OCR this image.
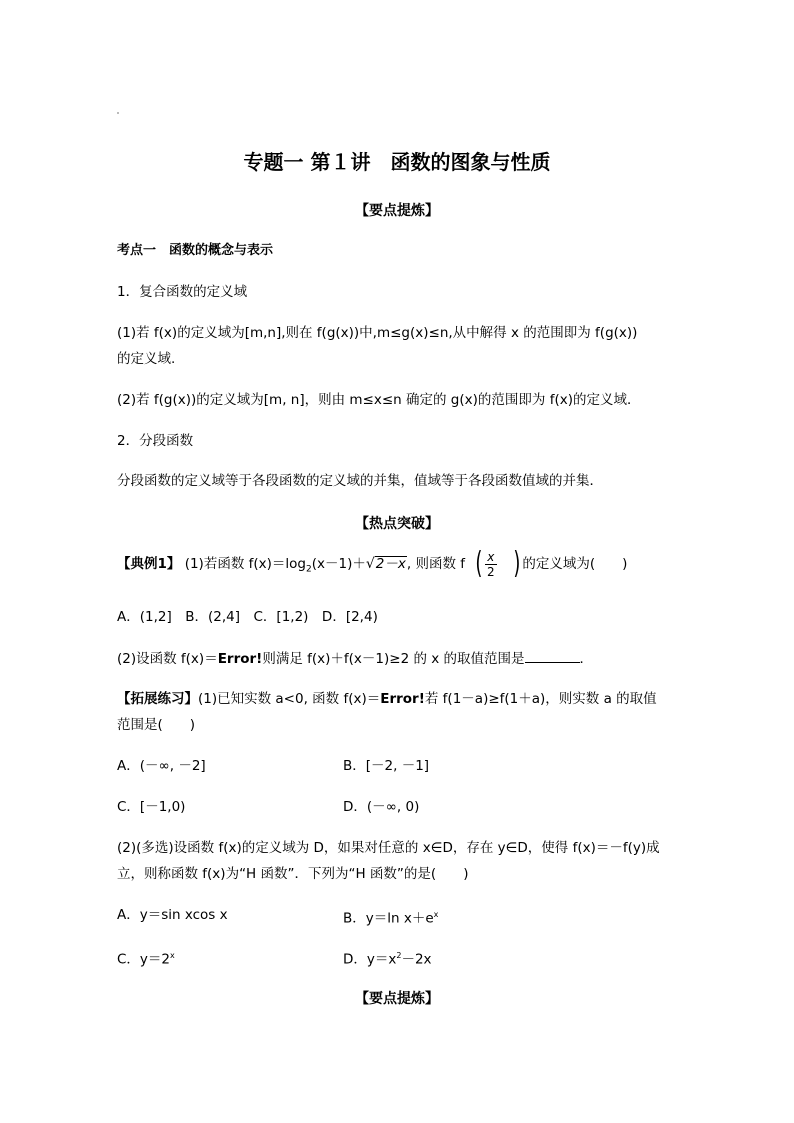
专题一 第１讲　函数的图象与性质
【要点提炼】
考点一　函数的概念与表示
1．复合函数的定义域
(1)若 f(x)的定义域为[m,n],则在 f(g(x))中,m≤g(x)≤n,从中解得 x 的范围即为 f(g(x))
的定义域.
(2)若 f(g(x))的定义域为[m, n]，则由 m≤x≤n 确定的 g(x)的范围即为 f(x)的定义域．
2．分段函数
分段函数的定义域等于各段函数的定义域的并集，值域等于各段函数值域的并集．
【热点突破】
【典例1】 (1)若函数 $f(x)=\log_2(x-1)+√2-x$, 则函数 f ( $\frac{x}{2}$ ) 的定义域为(　　)
A．(1,2]　B．(2,4]　C．[1,2)　D．[2,4)
(2)设函数 f(x)＝Error!则满足 f(x)＋f(x－1)≥2 的 x 的取值范围是	．
【拓展练习】(1)已知实数 a<0, 函数 f(x)＝Error!若 f(1－a)≥f(1＋a)，则实数 a 的取值
范围是(　　)
A．(－∞, －2]	B．[－2, －1]
C．[－1,0)	D．(－∞, 0)
(2)(多选)设函数 f(x)的定义域为 D，如果对任意的 x∈D，存在 y∈D，使得 f(x)＝－f(y)成
立，则称函数 f(x)为“H 函数”．下列为“H 函数”的是(　　)
A．y＝sin xcos x	B．y＝ln $x+e^x$
C．$y=2^x$	D．$y=x^2-2x$
【要点提炼】
